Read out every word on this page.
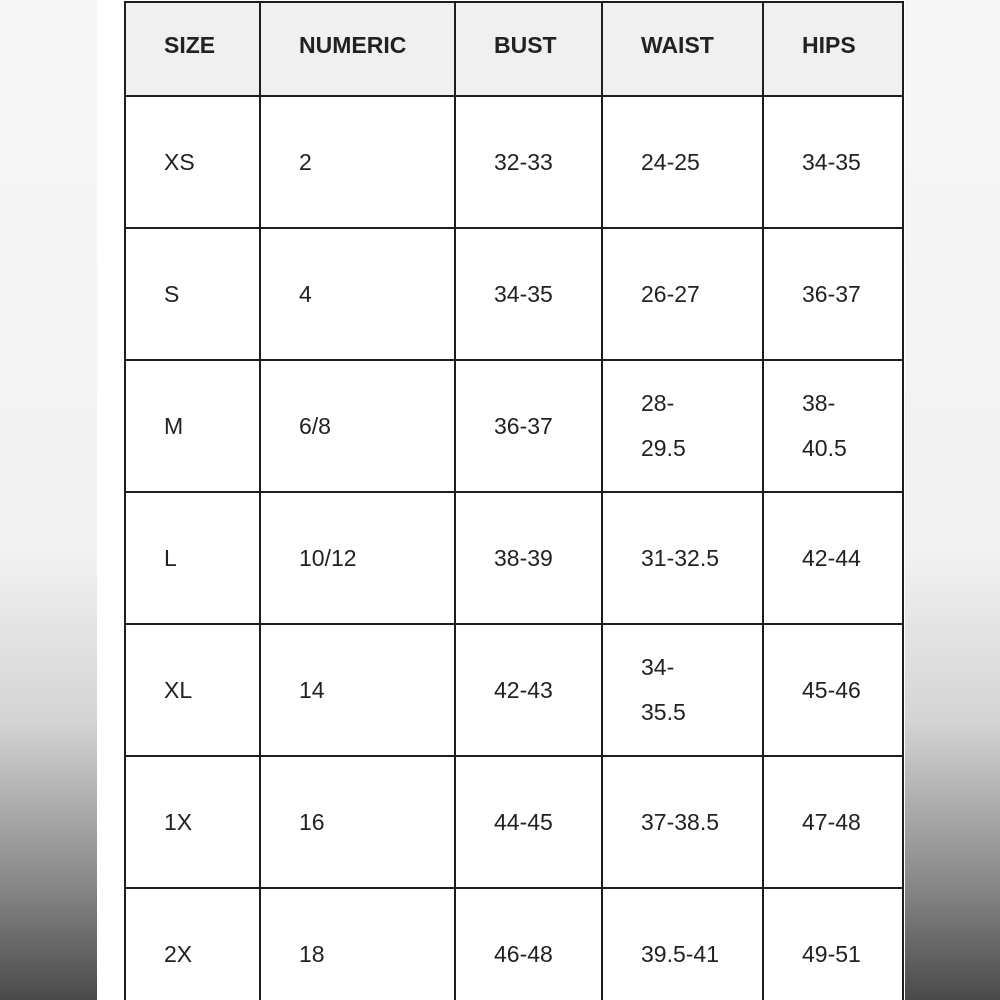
SIZE	NUMERIC	BUST	WAIST	HIPS
XS	2	32-33	24-25	34-​35
S	4	34-35	26-27	36-​37
M	6/8	36-37	28-​29.5	38-​40.5
L	10/12	38-39	31-32.5	42-​44
XL	14	42-43	34-​35.5	45-​46
1X	16	44-​45	37-38.5	47-​48
2X	18	46-​48	39.5-41	49-​51
